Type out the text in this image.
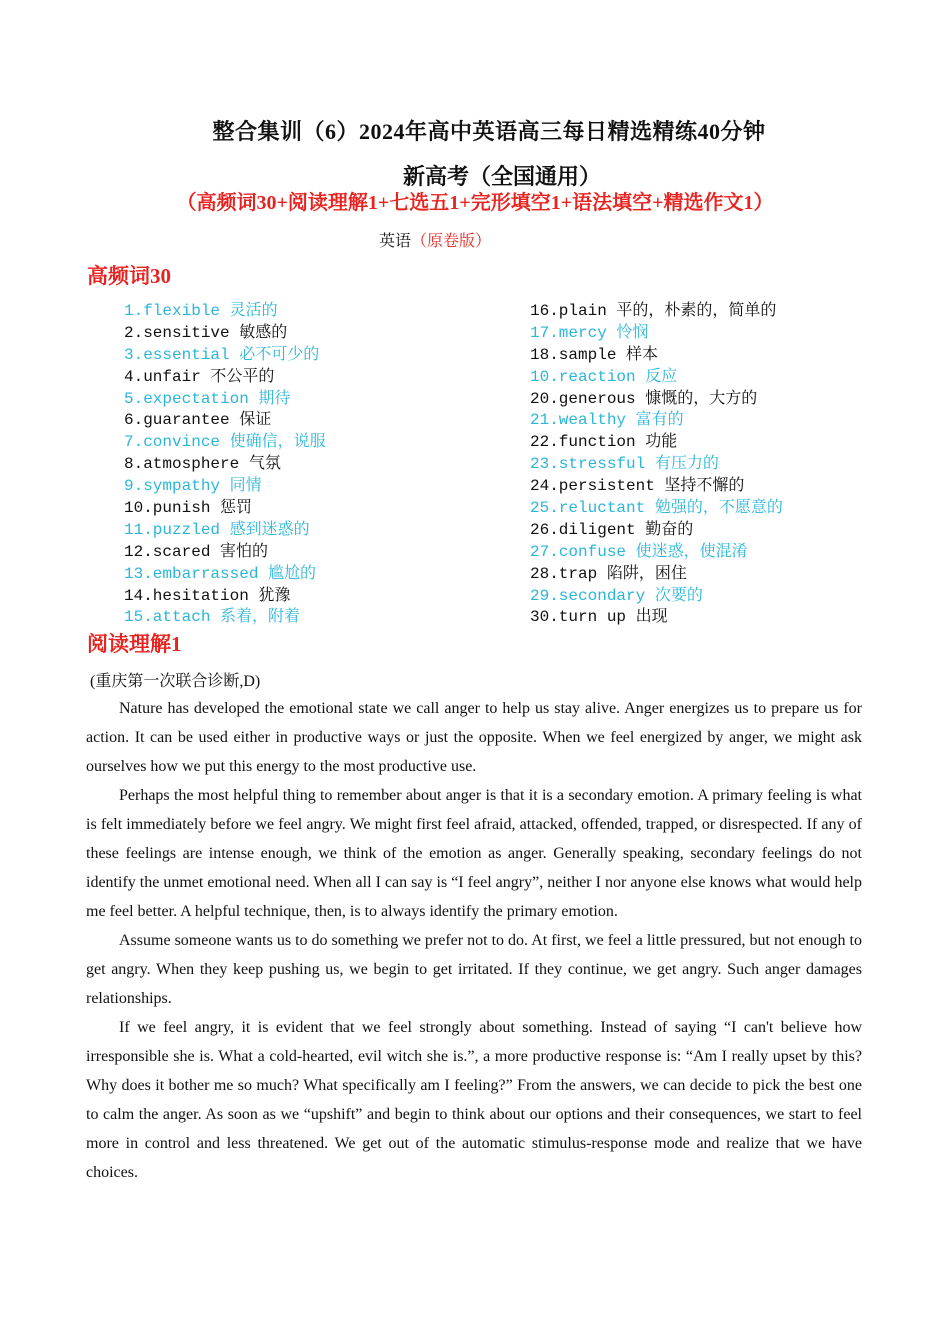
整合集训（6）2024年高中英语高三每日精选精练40分钟
新高考（全国通用）
（高频词30+阅读理解1+七选五1+完形填空1+语法填空+精选作文1）
英语（原卷版）
高频词30
1.flexible 灵活的
2.sensitive 敏感的
3.essential 必不可少的
4.unfair 不公平的
5.expectation 期待
6.guarantee 保证
7.convince 使确信，说服
8.atmosphere 气氛
9.sympathy 同情
10.punish 惩罚
11.puzzled 感到迷惑的
12.scared 害怕的
13.embarrassed 尴尬的
14.hesitation 犹豫
15.attach 系着，附着
16.plain 平的，朴素的，简单的
17.mercy 怜悯
18.sample 样本
10.reaction 反应
20.generous 慷慨的，大方的
21.wealthy 富有的
22.function 功能
23.stressful 有压力的
24.persistent 坚持不懈的
25.reluctant 勉强的，不愿意的
26.diligent 勤奋的
27.confuse 使迷惑，使混淆
28.trap 陷阱，困住
29.secondary 次要的
30.turn up 出现
阅读理解1
(重庆第一次联合诊断,D)

Nature has developed the emotional state we call anger to help us stay alive. Anger energizes us to prepare us for action. It can be used either in productive ways or just the opposite. When we feel energized by anger, we might ask ourselves how we put this energy to the most productive use.

Perhaps the most helpful thing to remember about anger is that it is a secondary emotion. A primary feeling is what is felt immediately before we feel angry. We might first feel afraid, attacked, offended, trapped, or disrespected. If any of these feelings are intense enough, we think of the emotion as anger. Generally speaking, secondary feelings do not identify the unmet emotional need. When all I can say is “I feel angry”, neither I nor anyone else knows what would help me feel better. A helpful technique, then, is to always identify the primary emotion.

Assume someone wants us to do something we prefer not to do. At first, we feel a little pressured, but not enough to get angry. When they keep pushing us, we begin to get irritated. If they continue, we get angry. Such anger damages relationships.

If we feel angry, it is evident that we feel strongly about something. Instead of saying “I can't believe how irresponsible she is. What a cold-hearted, evil witch she is.”, a more productive response is: “Am I really upset by this? Why does it bother me so much? What specifically am I feeling?” From the answers, we can decide to pick the best one to calm the anger. As soon as we “upshift” and begin to think about our options and their consequences, we start to feel more in control and less threatened. We get out of the automatic stimulus-response mode and realize that we have choices.
